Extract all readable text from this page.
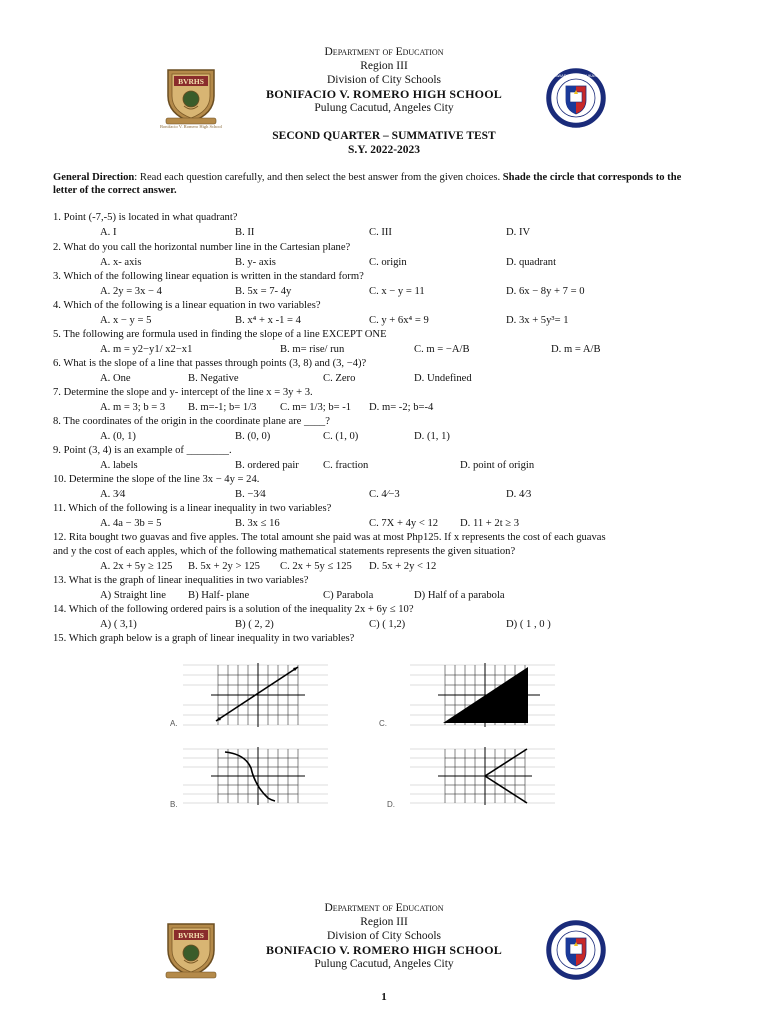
Department of Education
Region III
Division of City Schools
BONIFACIO V. ROMERO HIGH SCHOOL
Pulung Cacutud, Angeles City
BVRHS
Bonifacio V. Romero High School
KAGAWARAN NG EDUKASYON
SECOND QUARTER – SUMMATIVE TEST
S.Y. 2022-2023
General Direction: Read each question carefully, and then select the best answer from the given choices. Shade the circle that corresponds to the letter of the correct answer.
1. Point (-7,-5) is located in what quadrant?
A. I	B. II	C. III	D. IV
2. What do you call the horizontal number line in the Cartesian plane?
A. x- axis	B. y- axis	C. origin	D. quadrant
3. Which of the following linear equation is written in the standard form?
A. 2y = 3x − 4	B. 5x = 7- 4y	C. x − y = 11	D. 6x − 8y + 7 = 0
4. Which of the following is a linear equation in two variables?
A. x − y = 5	B. x⁴ + x -1 = 4	C. y + 6x⁴ = 9	D. 3x + 5y³= 1
5. The following are formula used in finding the slope of a line EXCEPT ONE
A. m = y2−y1/ x2−x1	B. m= rise/ run	C. m = −A/B	D. m = A/B
6. What is the slope of a line that passes through points (3, 8) and (3, −4)?
A. One	B. Negative	C. Zero	D. Undefined
7. Determine the slope and y- intercept of the line x = 3y + 3.
A. m = 3; b = 3 B. m=-1; b= 1/3 C. m= 1/3; b= -1 D. m= -2; b=-4
8. The coordinates of the origin in the coordinate plane are ____?
A. (0, 1)	B. (0, 0)	C. (1, 0)	D. (1, 1)
9. Point (3, 4) is an example of ________.
A. labels	B. ordered pair C. fraction	D. point of origin
10. Determine the slope of the line 3x − 4y = 24.
A. 3⁄4	B. −3⁄4	C. 4⁄−3	D. 4⁄3
11. Which of the following is a linear inequality in two variables?
A. 4a − 3b = 5	B. 3x ≤ 16	C. 7X + 4y < 12 D. 11 + 2t ≥ 3
12. Rita bought two guavas and five apples. The total amount she paid was at most Php125. If x represents the cost of each guavas
and y the cost of each apples, which of the following mathematical statements represents the given situation?
A. 2x + 5y ≥ 125 B. 5x + 2y > 125 C. 2x + 5y ≤ 125 D. 5x + 2y < 12
13. What is the graph of linear inequalities in two variables?
A) Straight line B) Half- plane	C) Parabola	D) Half of a parabola
14. Which of the following ordered pairs is a solution of the inequality 2x + 6y ≤ 10?
A) ( 3,1)	B) ( 2, 2)	C) ( 1,2)	D) ( 1 , 0 )
15. Which graph below is a graph of linear inequality in two variables?
A.	C.
B.	D.
Department of Education
Region III
Division of City Schools
BONIFACIO V. ROMERO HIGH SCHOOL
Pulung Cacutud, Angeles City
BVRHS
1
